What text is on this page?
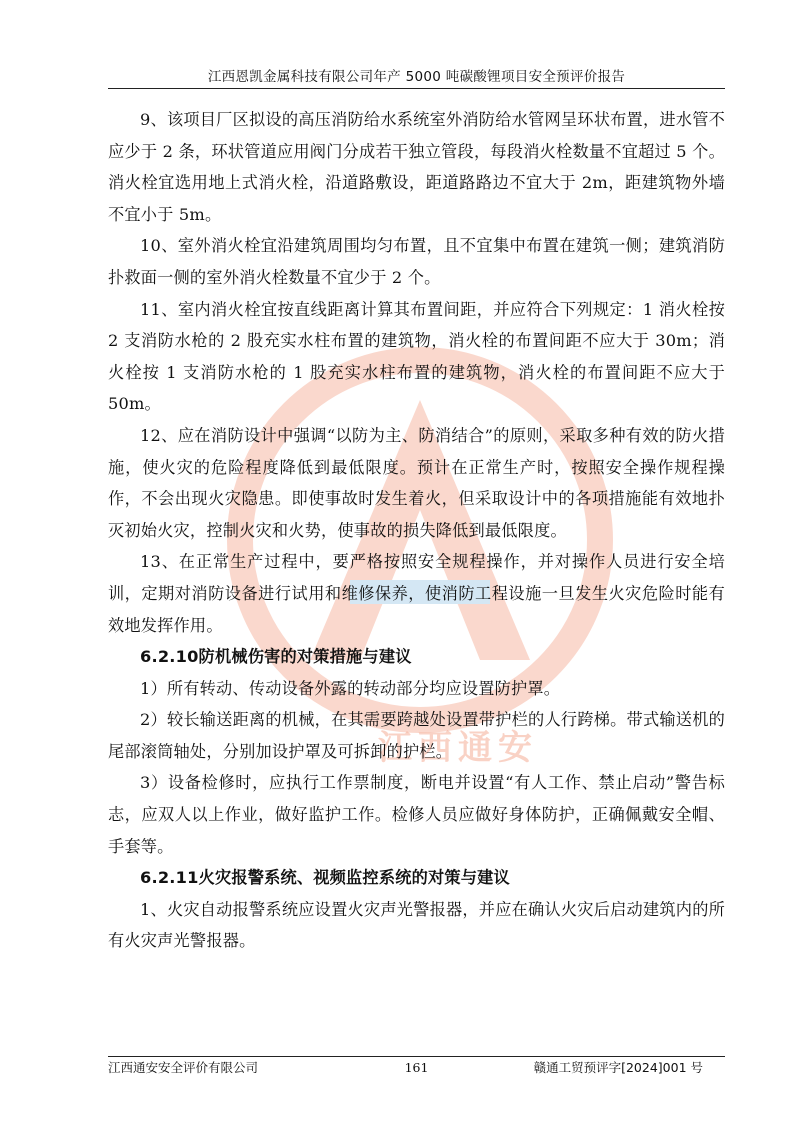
江西恩凯金属科技有限公司年产 5000 吨碳酸锂项目安全预评价报告
江西通安

9、该项目厂区拟设的高压消防给水系统室外消防给水管网呈环状布置，进水管不应少于 2 条，环状管道应用阀门分成若干独立管段，每段消火栓数量不宜超过 5 个。消火栓宜选用地上式消火栓，沿道路敷设，距道路路边不宜大于 2m，距建筑物外墙不宜小于 5m。

10、室外消火栓宜沿建筑周围均匀布置，且不宜集中布置在建筑一侧；建筑消防扑救面一侧的室外消火栓数量不宜少于 2 个。

11、室内消火栓宜按直线距离计算其布置间距，并应符合下列规定：1 消火栓按 2 支消防水枪的 2 股充实水柱布置的建筑物，消火栓的布置间距不应大于 30m；消火栓按 1 支消防水枪的 1 股充实水柱布置的建筑物，消火栓的布置间距不应大于 50m。

12、应在消防设计中强调“以防为主、防消结合”的原则，采取多种有效的防火措施，使火灾的危险程度降低到最低限度。预计在正常生产时，按照安全操作规程操作，不会出现火灾隐患。即使事故时发生着火，但采取设计中的各项措施能有效地扑灭初始火灾，控制火灾和火势，使事故的损失降低到最低限度。

13、在正常生产过程中，要严格按照安全规程操作，并对操作人员进行安全培训，定期对消防设备进行试用和维修保养，使消防工程设施一旦发生火灾危险时能有效地发挥作用。

6.2.10防机械伤害的对策措施与建议

1）所有转动、传动设备外露的转动部分均应设置防护罩。

2）较长输送距离的机械，在其需要跨越处设置带护栏的人行跨梯。带式输送机的尾部滚筒轴处，分别加设护罩及可拆卸的护栏。

3）设备检修时，应执行工作票制度，断电并设置“有人工作、禁止启动”警告标志，应双人以上作业，做好监护工作。检修人员应做好身体防护，正确佩戴安全帽、手套等。

6.2.11火灾报警系统、视频监控系统的对策与建议

1、火灾自动报警系统应设置火灾声光警报器，并应在确认火灾后启动建筑内的所有火灾声光警报器。

江西通安安全评价有限公司	161	赣通工贸预评字[2024]001 号
